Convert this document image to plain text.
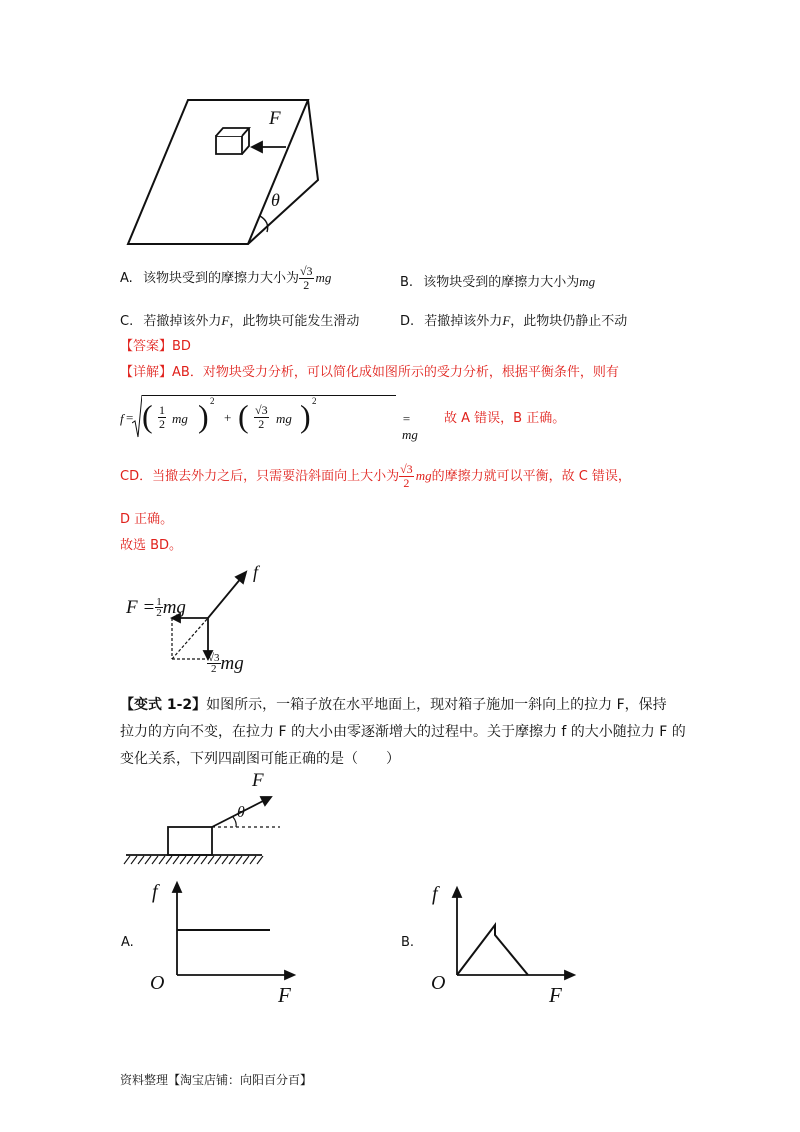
F
θ
A. 该物块受到的摩擦力大小为 $\frac{√3}{2}$ mg	B. 该物块受到的摩擦力大小为mg
C. 若撤掉该外力F，此物块可能发生滑动	D. 若撤掉该外力F，此物块仍静止不动
【答案】BD
【详解】AB．对物块受力分析，可以简化成如图所示的受力分析，根据平衡条件，则有
f = ( $\frac{1}{2}$ mg ) 2
+ ( $\frac{√3}{2}$ mg ) 2
= mg
故 A 错误，B 正确。
CD．当撤去外力之后，只需要沿斜面向上大小为 $\frac{√3}{2}$ mg的摩擦力就可以平衡，故 C 错误，
D 正确。
故选 BD。
f
$F = \frac{1}{2}$ mg
$\frac{√3}{2}$ mg
【变式 1-2】如图所示，一箱子放在水平地面上，现对箱子施加一斜向上的拉力 F，保持
拉力的方向不变，在拉力 F 的大小由零逐渐增大的过程中。关于摩擦力 f 的大小随拉力 F 的
变化关系，下列四副图可能正确的是（　　）
F
θ
A.
f
O	F
B.
f
O	F
资料整理【淘宝店铺：向阳百分百】
